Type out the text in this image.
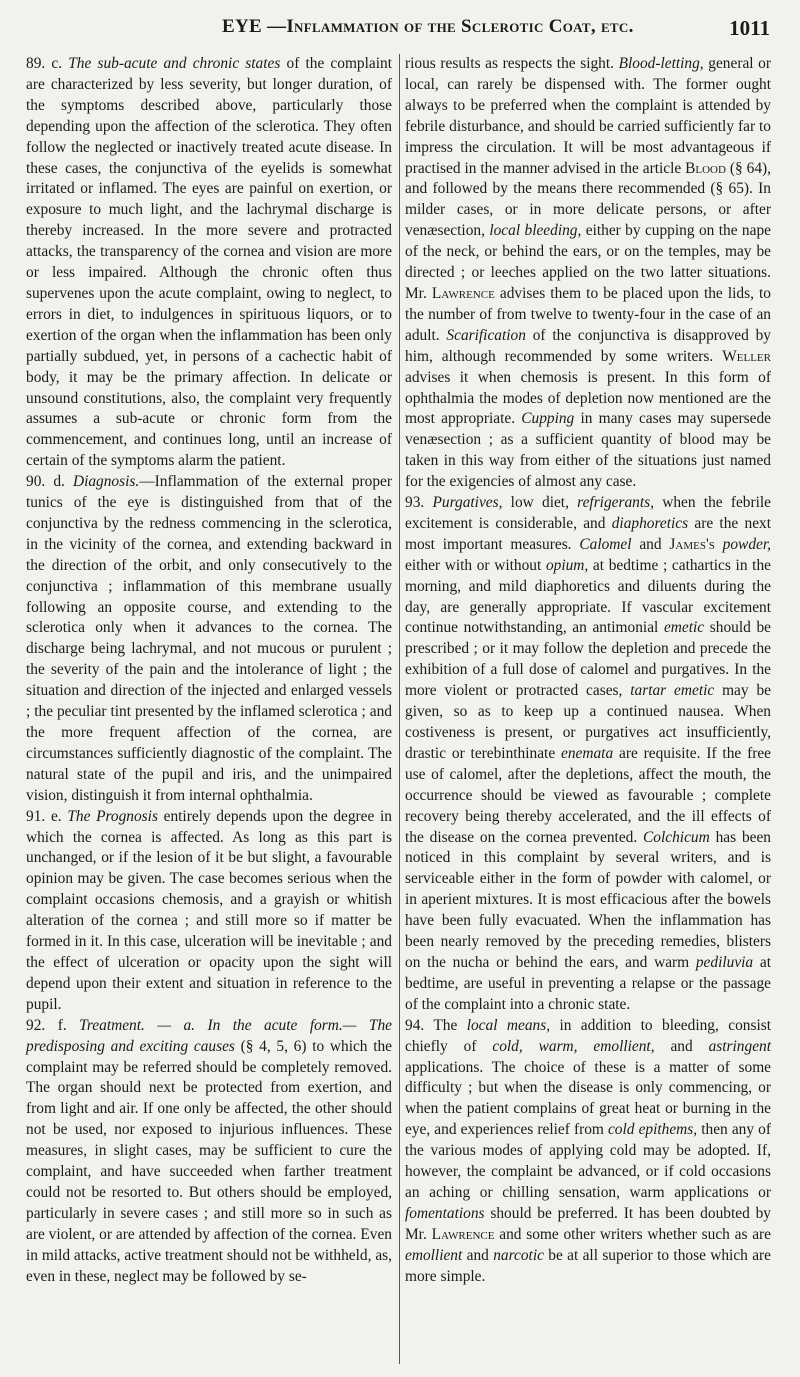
EYE —Inflammation of the Sclerotic Coat, etc.	1011

89. c. The sub-acute and chronic states of the complaint are characterized by less severity, but longer duration, of the symptoms described above, particularly those depending upon the affection of the sclerotica. They often follow the neglected or inactively treated acute disease. In these cases, the conjunctiva of the eyelids is somewhat irritated or inflamed. The eyes are painful on exertion, or exposure to much light, and the lachrymal discharge is thereby increased. In the more severe and protracted attacks, the transparency of the cornea and vision are more or less impaired. Although the chronic often thus supervenes upon the acute complaint, owing to neglect, to errors in diet, to indulgences in spirituous liquors, or to exertion of the organ when the inflammation has been only partially subdued, yet, in persons of a cachectic habit of body, it may be the primary affection. In delicate or unsound constitutions, also, the complaint very frequently assumes a sub-acute or chronic form from the commencement, and continues long, until an increase of certain of the symptoms alarm the patient.

90. d. Diagnosis.—Inflammation of the external proper tunics of the eye is distinguished from that of the conjunctiva by the redness commencing in the sclerotica, in the vicinity of the cornea, and extending backward in the direction of the orbit, and only consecutively to the conjunctiva ; inflammation of this membrane usually following an opposite course, and extending to the sclerotica only when it advances to the cornea. The discharge being lachrymal, and not mucous or purulent ; the severity of the pain and the intolerance of light ; the situation and direction of the injected and enlarged vessels ; the peculiar tint presented by the inflamed sclerotica ; and the more frequent affection of the cornea, are circumstances sufficiently diagnostic of the complaint. The natural state of the pupil and iris, and the unimpaired vision, distinguish it from internal ophthalmia.

91. e. The Prognosis entirely depends upon the degree in which the cornea is affected. As long as this part is unchanged, or if the lesion of it be but slight, a favourable opinion may be given. The case becomes serious when the complaint occasions chemosis, and a grayish or whitish alteration of the cornea ; and still more so if matter be formed in it. In this case, ulceration will be inevitable ; and the effect of ulceration or opacity upon the sight will depend upon their extent and situation in reference to the pupil.

92. f. Treatment. — a. In the acute form.— The predisposing and exciting causes (§ 4, 5, 6) to which the complaint may be referred should be completely removed. The organ should next be protected from exertion, and from light and air. If one only be affected, the other should not be used, nor exposed to injurious influences. These measures, in slight cases, may be sufficient to cure the complaint, and have succeeded when farther treatment could not be resorted to. But others should be employed, particularly in severe cases ; and still more so in such as are violent, or are attended by affection of the cornea. Even in mild attacks, active treatment should not be withheld, as, even in these, neglect may be followed by se-

rious results as respects the sight. Blood-letting, general or local, can rarely be dispensed with. The former ought always to be preferred when the complaint is attended by febrile disturbance, and should be carried sufficiently far to impress the circulation. It will be most advantageous if practised in the manner advised in the article Blood (§ 64), and followed by the means there recommended (§ 65). In milder cases, or in more delicate persons, or after venæsection, local bleeding, either by cupping on the nape of the neck, or behind the ears, or on the temples, may be directed ; or leeches applied on the two latter situations. Mr. Lawrence advises them to be placed upon the lids, to the number of from twelve to twenty-four in the case of an adult. Scarification of the conjunctiva is disapproved by him, although recommended by some writers. Weller advises it when chemosis is present. In this form of ophthalmia the modes of depletion now mentioned are the most appropriate. Cupping in many cases may supersede venæsection ; as a sufficient quantity of blood may be taken in this way from either of the situations just named for the exigencies of almost any case.

93. Purgatives, low diet, refrigerants, when the febrile excitement is considerable, and diaphoretics are the next most important measures. Calomel and James's powder, either with or without opium, at bedtime ; cathartics in the morning, and mild diaphoretics and diluents during the day, are generally appropriate. If vascular excitement continue notwithstanding, an antimonial emetic should be prescribed ; or it may follow the depletion and precede the exhibition of a full dose of calomel and purgatives. In the more violent or protracted cases, tartar emetic may be given, so as to keep up a continued nausea. When costiveness is present, or purgatives act insufficiently, drastic or terebinthinate enemata are requisite. If the free use of calomel, after the depletions, affect the mouth, the occurrence should be viewed as favourable ; complete recovery being thereby accelerated, and the ill effects of the disease on the cornea prevented. Colchicum has been noticed in this complaint by several writers, and is serviceable either in the form of powder with calomel, or in aperient mixtures. It is most efficacious after the bowels have been fully evacuated. When the inflammation has been nearly removed by the preceding remedies, blisters on the nucha or behind the ears, and warm pediluvia at bedtime, are useful in preventing a relapse or the passage of the complaint into a chronic state.

94. The local means, in addition to bleeding, consist chiefly of cold, warm, emollient, and astringent applications. The choice of these is a matter of some difficulty ; but when the disease is only commencing, or when the patient complains of great heat or burning in the eye, and experiences relief from cold epithems, then any of the various modes of applying cold may be adopted. If, however, the complaint be advanced, or if cold occasions an aching or chilling sensation, warm applications or fomentations should be preferred. It has been doubted by Mr. Lawrence and some other writers whether such as are emollient and narcotic be at all superior to those which are more simple.
